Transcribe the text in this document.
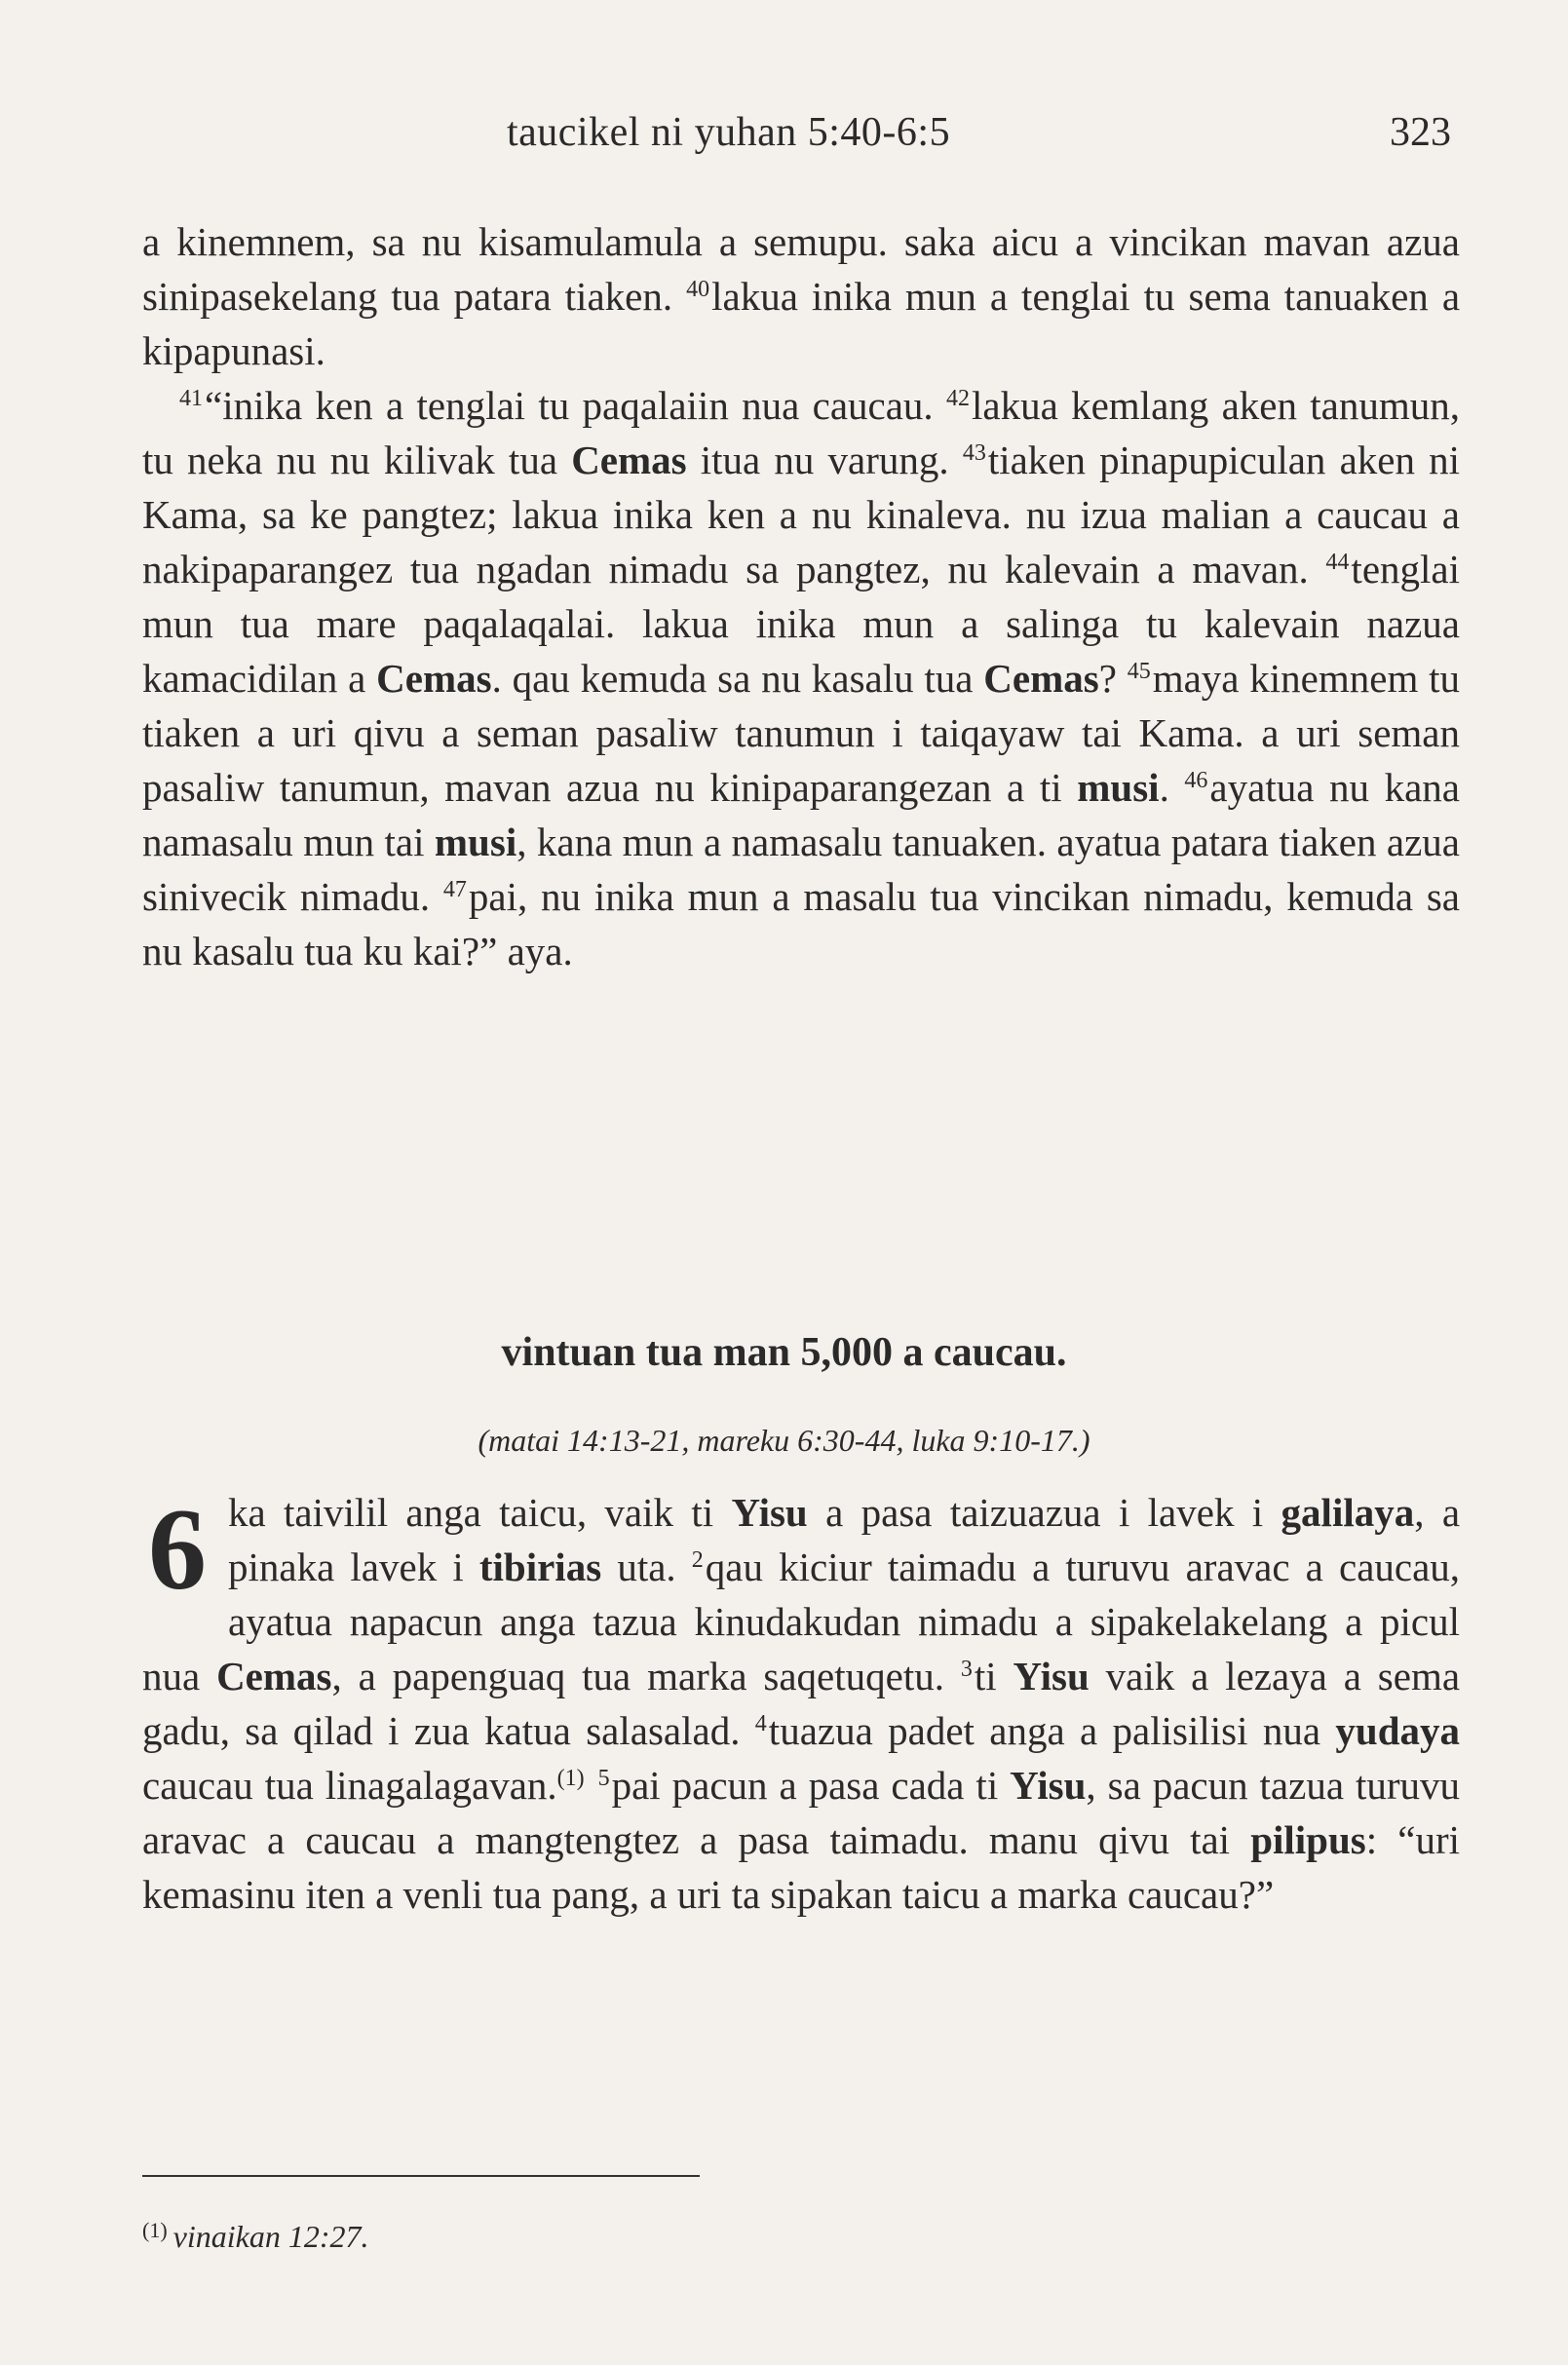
taucikel ni yuhan 5:40-6:5	323

a kinemnem, sa nu kisamulamula a semupu. saka aicu a vincikan mavan azua sinipasekelang tua patara tiaken. $^{40}$lakua inika mun a tenglai tu sema tanuaken a kipapunasi.

$^{41}$“inika ken a tenglai tu paqalaiin nua caucau. $^{42}$lakua kemlang aken tanumun, tu neka nu nu kilivak tua Cemas itua nu varung. $^{43}$tiaken pinapupiculan aken ni Kama, sa ke pangtez; lakua inika ken a nu kinaleva. nu izua malian a caucau a nakipaparangez tua ngadan nimadu sa pangtez, nu kalevain a mavan. $^{44}$tenglai mun tua mare paqalaqalai. lakua inika mun a salinga tu kalevain nazua kamacidilan a Cemas. qau kemuda sa nu kasalu tua Cemas? $^{45}$maya kinemnem tu tiaken a uri qivu a seman pasaliw tanumun i taiqayaw tai Kama. a uri seman pasaliw tanumun, mavan azua nu kinipaparangezan a ti musi. $^{46}$ayatua nu kana namasalu mun tai musi, kana mun a namasalu tanuaken. ayatua patara tiaken azua sinivecik nimadu. $^{47}$pai, nu inika mun a masalu tua vincikan nimadu, kemuda sa nu kasalu tua ku kai?” aya.

vintuan tua man 5,000 a caucau.
(matai 14:13-21, mareku 6:30-44, luka 9:10-17.)
6 ka taivilil anga taicu, vaik ti Yisu a pasa taizuazua i lavek i galilaya, a pinaka lavek i tibirias uta. $^2$qau kiciur taimadu a turuvu aravac a caucau, ayatua napacun anga tazua kinudakudan nimadu a sipakelakelang a picul nua Cemas, a papenguaq tua marka saqetuqetu. $^3$ti Yisu vaik a lezaya a sema gadu, sa qilad i zua katua salasalad. $^4$tuazua padet anga a palisilisi nua yudaya caucau tua linagalagavan.$^{(1)}$ $^5$pai pacun a pasa cada ti Yisu, sa pacun tazua turuvu aravac a caucau a mangtengtez a pasa taimadu. manu qivu tai pilipus: “uri kemasinu iten a venli tua pang, a uri ta sipakan taicu a marka caucau?”
$^{(1)}$ vinaikan 12:27.
